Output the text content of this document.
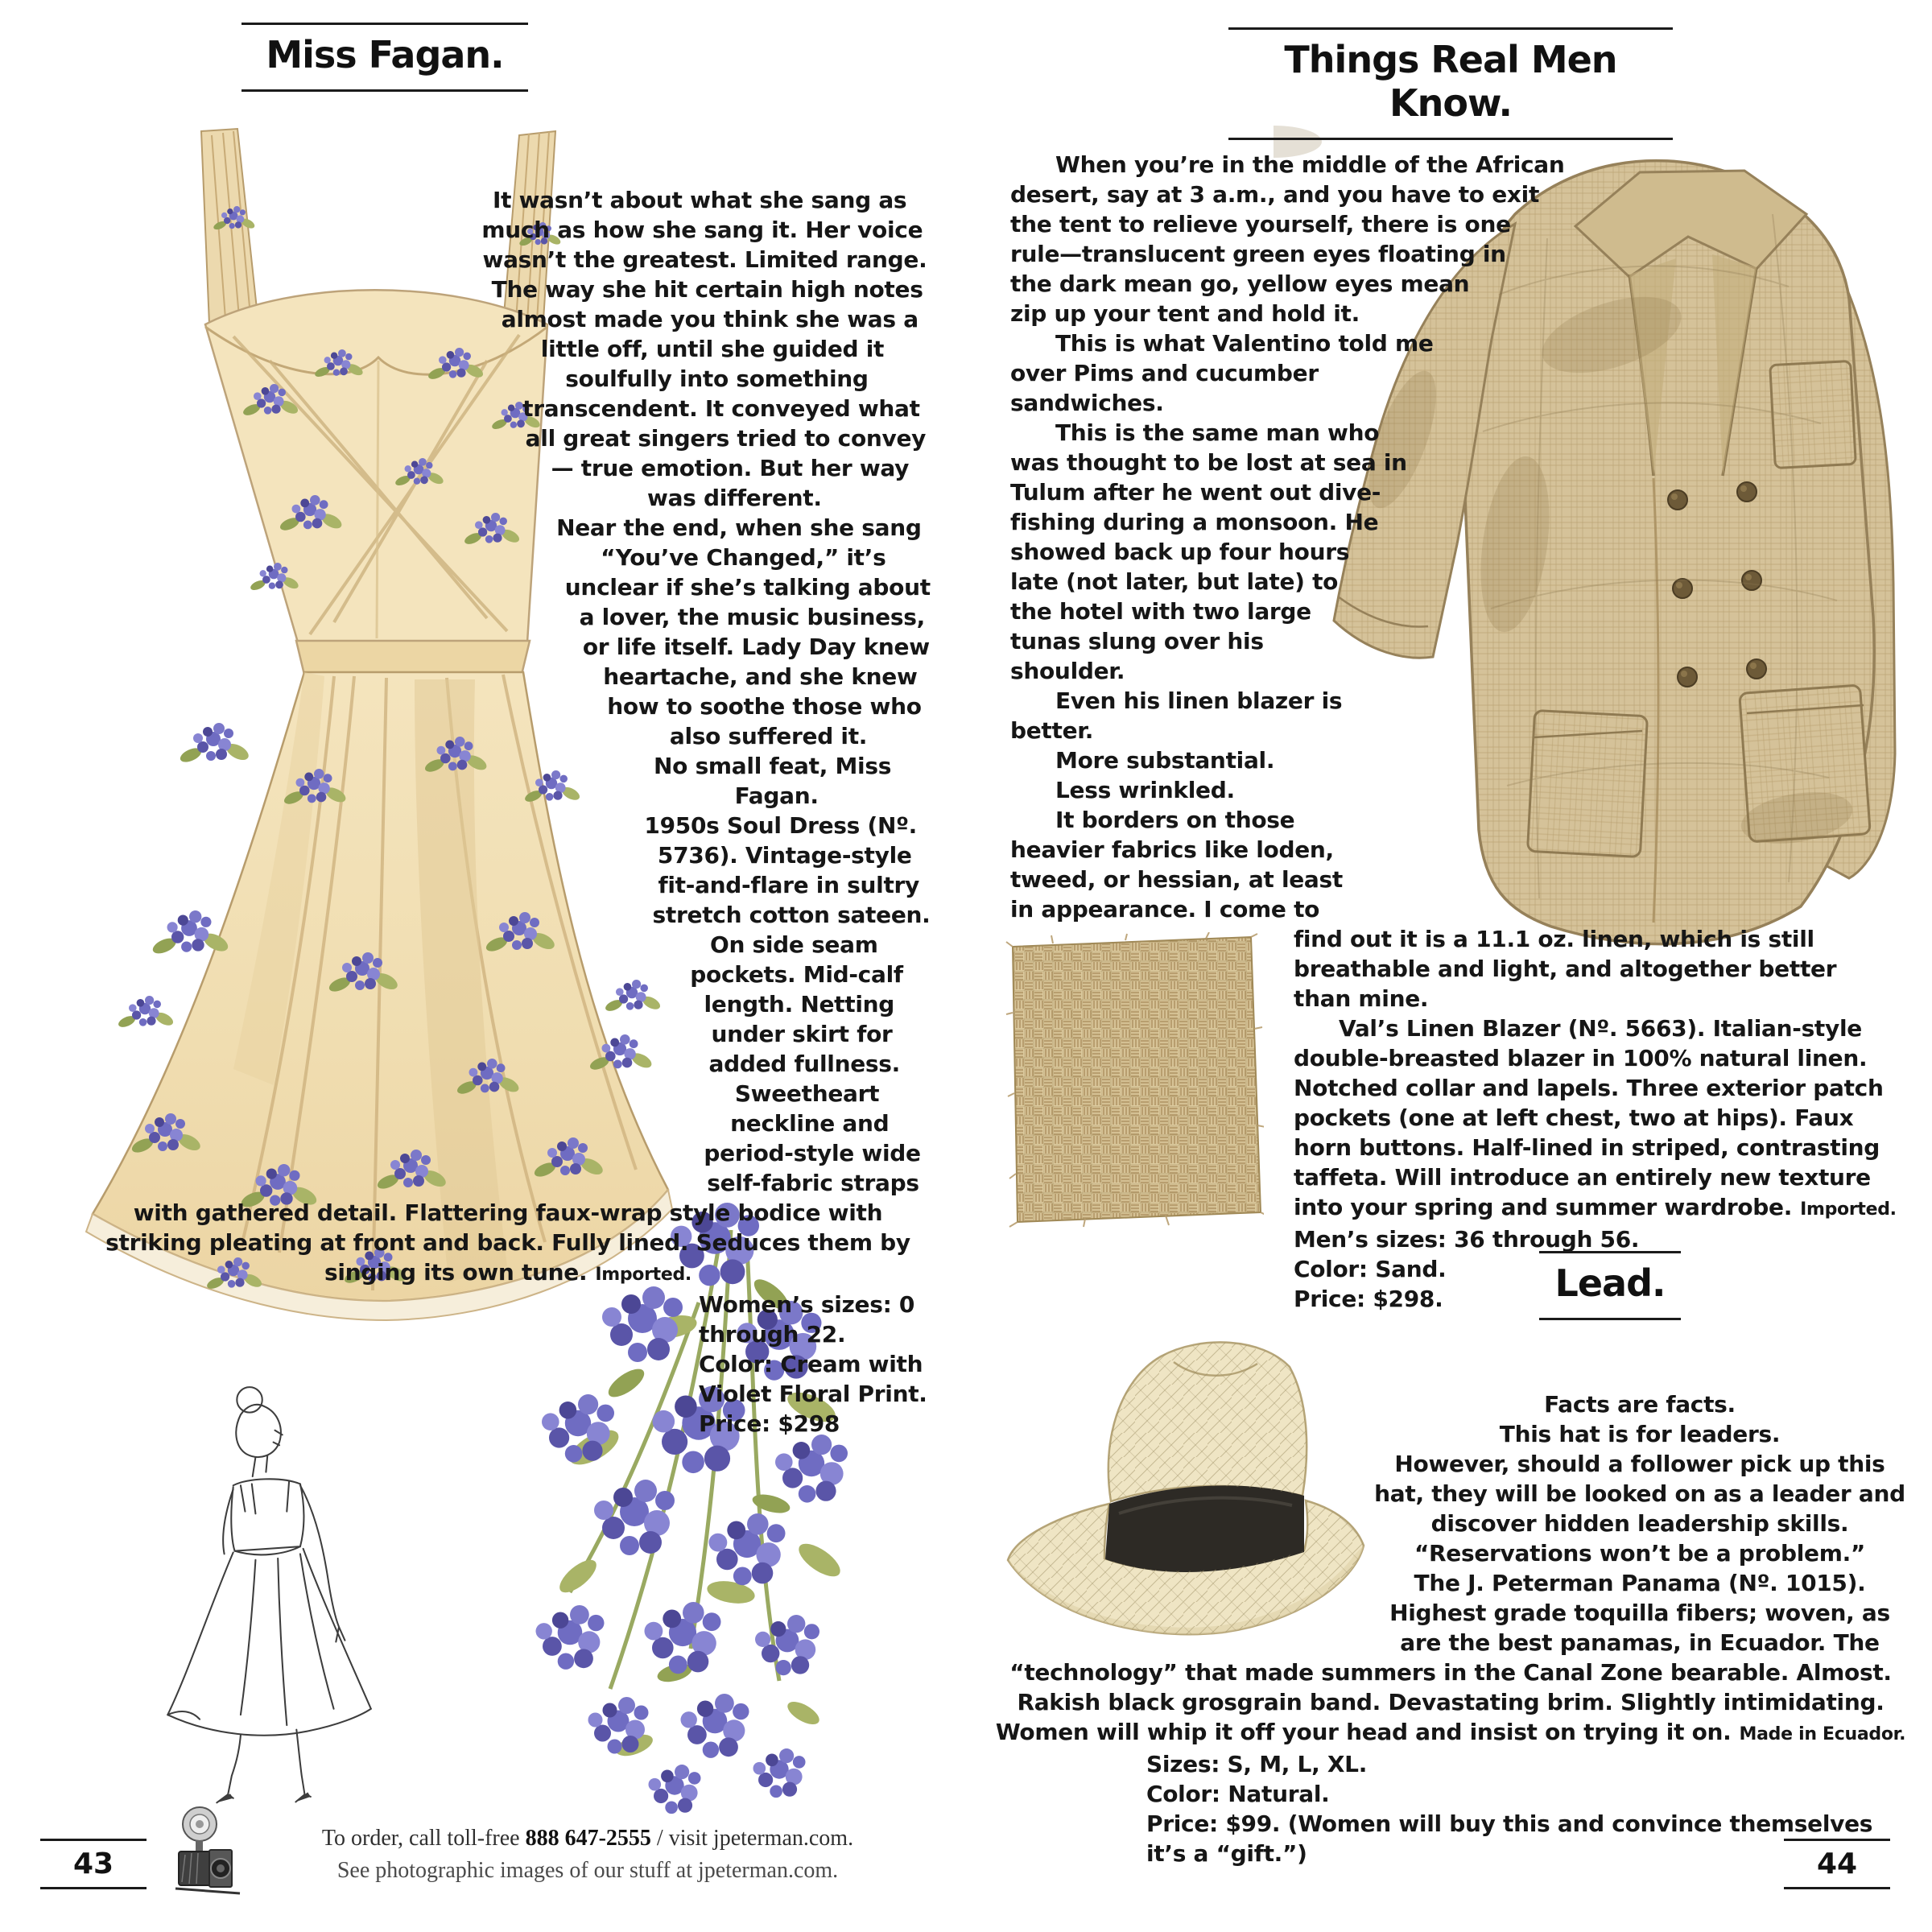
Miss Fagan.

It wasn’t about what she sang as much as how she sang it. Her voice wasn’t the greatest. Limited range. The way she hit certain high notes almost made you think she was a little off, until she guided it soulfully into something transcendent. It conveyed what all great singers tried to convey— true emotion. But her way was different.

Near the end, when she sang “You’ve Changed,” it’s unclear if she’s talking about a lover, the music business, or life itself. Lady Day knew heartache, and she knew how to soothe those who also suffered it.

No small feat, Miss Fagan.

1950s Soul Dress (Nº. 5736). Vintage-style fit-and-flare in sultry stretch cotton sateen. On side seam pockets. Mid-calf length. Netting under skirt for added fullness. Sweetheart neckline and period-style wide self-fabric straps with gathered detail. Flattering faux-wrap style bodice with striking pleating at front and back. Fully lined. Seduces them by singing its own tune. Imported.

Women’s sizes: 0 through 22.

Color: Cream with Violet Floral Print.

Price: $298

Things Real Men Know.

When you’re in the middle of the African desert, say at 3 a.m., and you have to exit the tent to relieve yourself, there is one rule—translucent green eyes floating in the dark mean go, yellow eyes mean zip up your tent and hold it.

This is what Valentino told me over Pims and cucumber sandwiches.

This is the same man who was thought to be lost at sea in Tulum after he went out dive-fishing during a monsoon. He showed back up four hours late (not later, but late) to the hotel with two large tunas slung over his shoulder.

Even his linen blazer is better.

More substantial.

Less wrinkled.

It borders on those heavier fabrics like loden, tweed, or hessian, at least in appearance. I come to find out it is a 11.1 oz. linen, which is still breathable and light, and altogether better than mine.

Val’s Linen Blazer (Nº. 5663). Italian-style double-breasted blazer in 100% natural linen. Notched collar and lapels. Three exterior patch pockets (one at left chest, two at hips). Faux horn buttons. Half-lined in striped, contrasting taffeta. Will introduce an entirely new texture into your spring and summer wardrobe. Imported.

Men’s sizes: 36 through 56.

Color: Sand.

Price: $298.	Lead.

Facts are facts.

This hat is for leaders.

However, should a follower pick up this hat, they will be looked on as a leader and discover hidden leadership skills.

“Reservations won’t be a problem.”

The J. Peterman Panama (Nº. 1015).

Highest grade toquilla fibers; woven, as are the best panamas, in Ecuador. The “technology” that made summers in the Canal Zone bearable. Almost. Rakish black grosgrain band. Devastating brim. Slightly intimidating. Women will whip it off your head and insist on trying it on. Made in Ecuador.

Sizes: S, M, L, XL.

Color: Natural.

Price: $99. (Women will buy this and convince themselves it’s a “gift.”)

To order, call toll-free 888 647-2555 / visit jpeterman.com.
See photographic images of our stuff at jpeterman.com.
43	44
